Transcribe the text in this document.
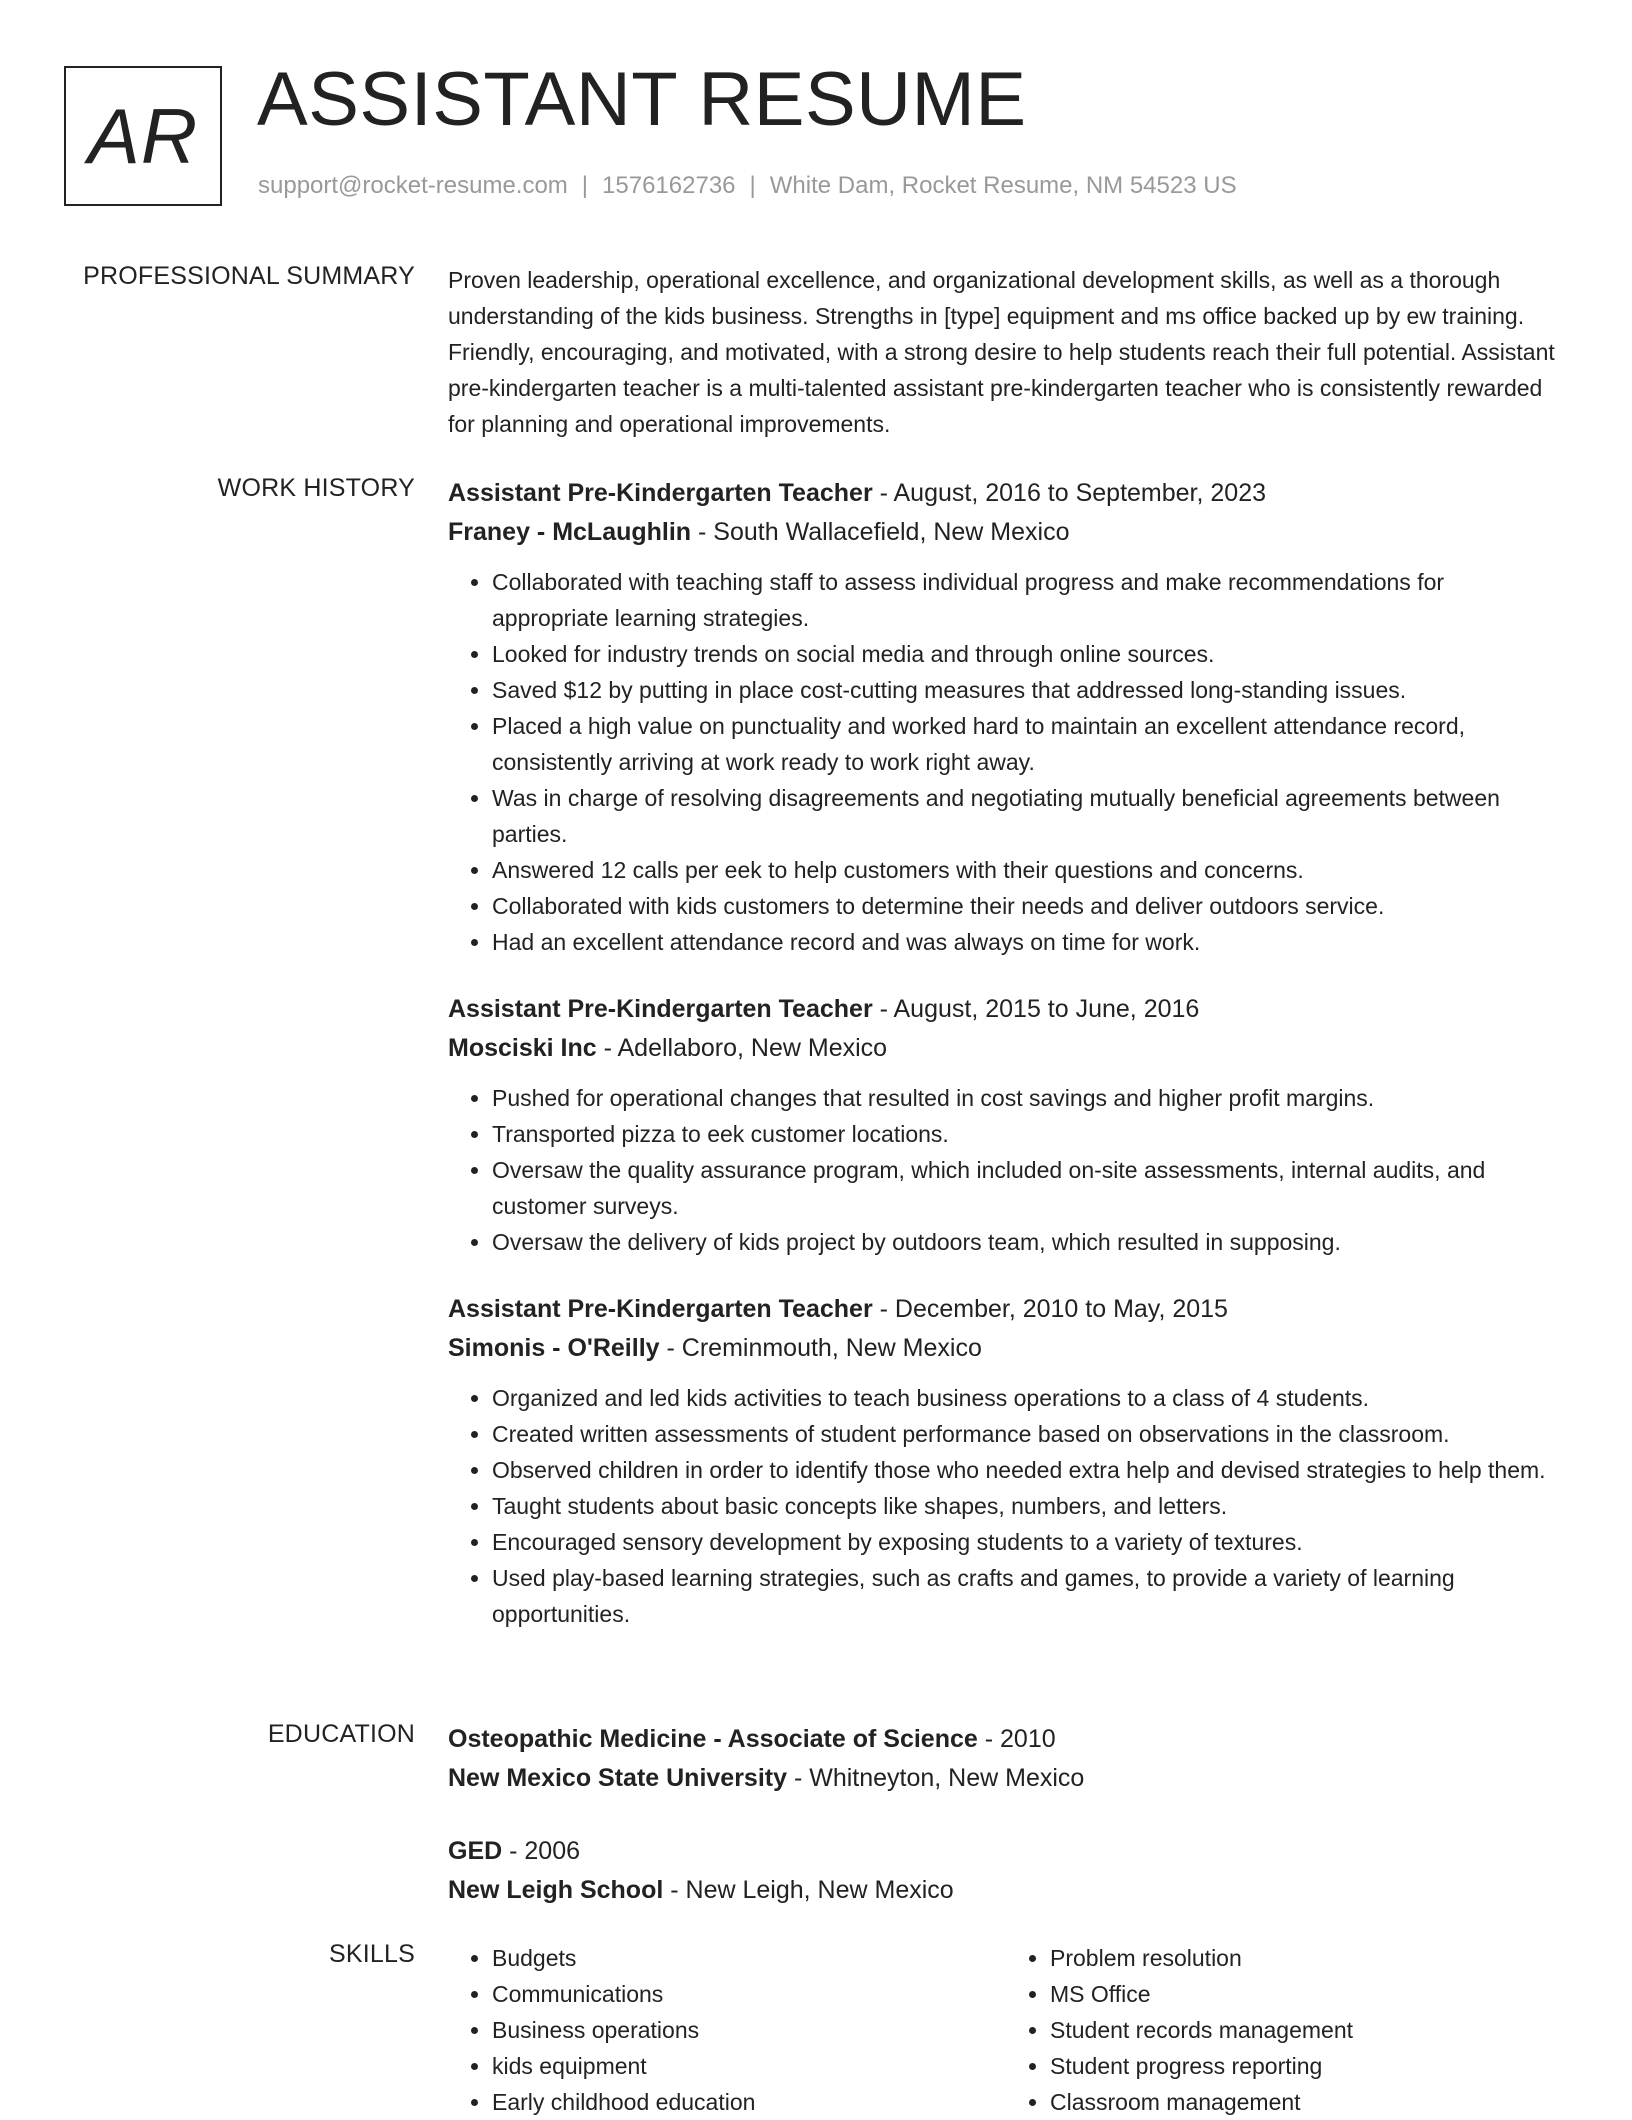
AR ASSISTANT RESUME
support@rocket-resume.com | 1576162736 | White Dam, Rocket Resume, NM 54523 US
PROFESSIONAL SUMMARY Proven leadership, operational excellence, and organizational development skills, as well as a thorough understanding of the kids business. Strengths in [type] equipment and ms office backed up by ew training. Friendly, encouraging, and motivated, with a strong desire to help students reach their full potential. Assistant pre-kindergarten teacher is a multi-talented assistant pre-kindergarten teacher who is consistently rewarded for planning and operational improvements.

WORK HISTORY Assistant Pre-Kindergarten Teacher - August, 2016 to September, 2023
Franey - McLaughlin - South Wallacefield, New Mexico
• Collaborated with teaching staff to assess individual progress and make recommendations for appropriate learning strategies.
• Looked for industry trends on social media and through online sources.
• Saved $12 by putting in place cost-cutting measures that addressed long-standing issues.
• Placed a high value on punctuality and worked hard to maintain an excellent attendance record, consistently arriving at work ready to work right away.
• Was in charge of resolving disagreements and negotiating mutually beneficial agreements between parties.
• Answered 12 calls per eek to help customers with their questions and concerns.
• Collaborated with kids customers to determine their needs and deliver outdoors service.
• Had an excellent attendance record and was always on time for work.
Assistant Pre-Kindergarten Teacher - August, 2015 to June, 2016
Mosciski Inc - Adellaboro, New Mexico
• Pushed for operational changes that resulted in cost savings and higher profit margins.
• Transported pizza to eek customer locations.
• Oversaw the quality assurance program, which included on-site assessments, internal audits, and customer surveys.
• Oversaw the delivery of kids project by outdoors team, which resulted in supposing.
Assistant Pre-Kindergarten Teacher - December, 2010 to May, 2015
Simonis - O'Reilly - Creminmouth, New Mexico
• Organized and led kids activities to teach business operations to a class of 4 students.
• Created written assessments of student performance based on observations in the classroom.
• Observed children in order to identify those who needed extra help and devised strategies to help them.
• Taught students about basic concepts like shapes, numbers, and letters.
• Encouraged sensory development by exposing students to a variety of textures.
• Used play-based learning strategies, such as crafts and games, to provide a variety of learning opportunities.
EDUCATION Osteopathic Medicine - Associate of Science - 2010
New Mexico State University - Whitneyton, New Mexico
GED - 2006
New Leigh School - New Leigh, New Mexico
SKILLS
•	Budgets
• Communications
• Business operations
• kids equipment
• Early childhood education
• Problem resolution
• MS Office
• Student records management
• Student progress reporting
• Classroom management
